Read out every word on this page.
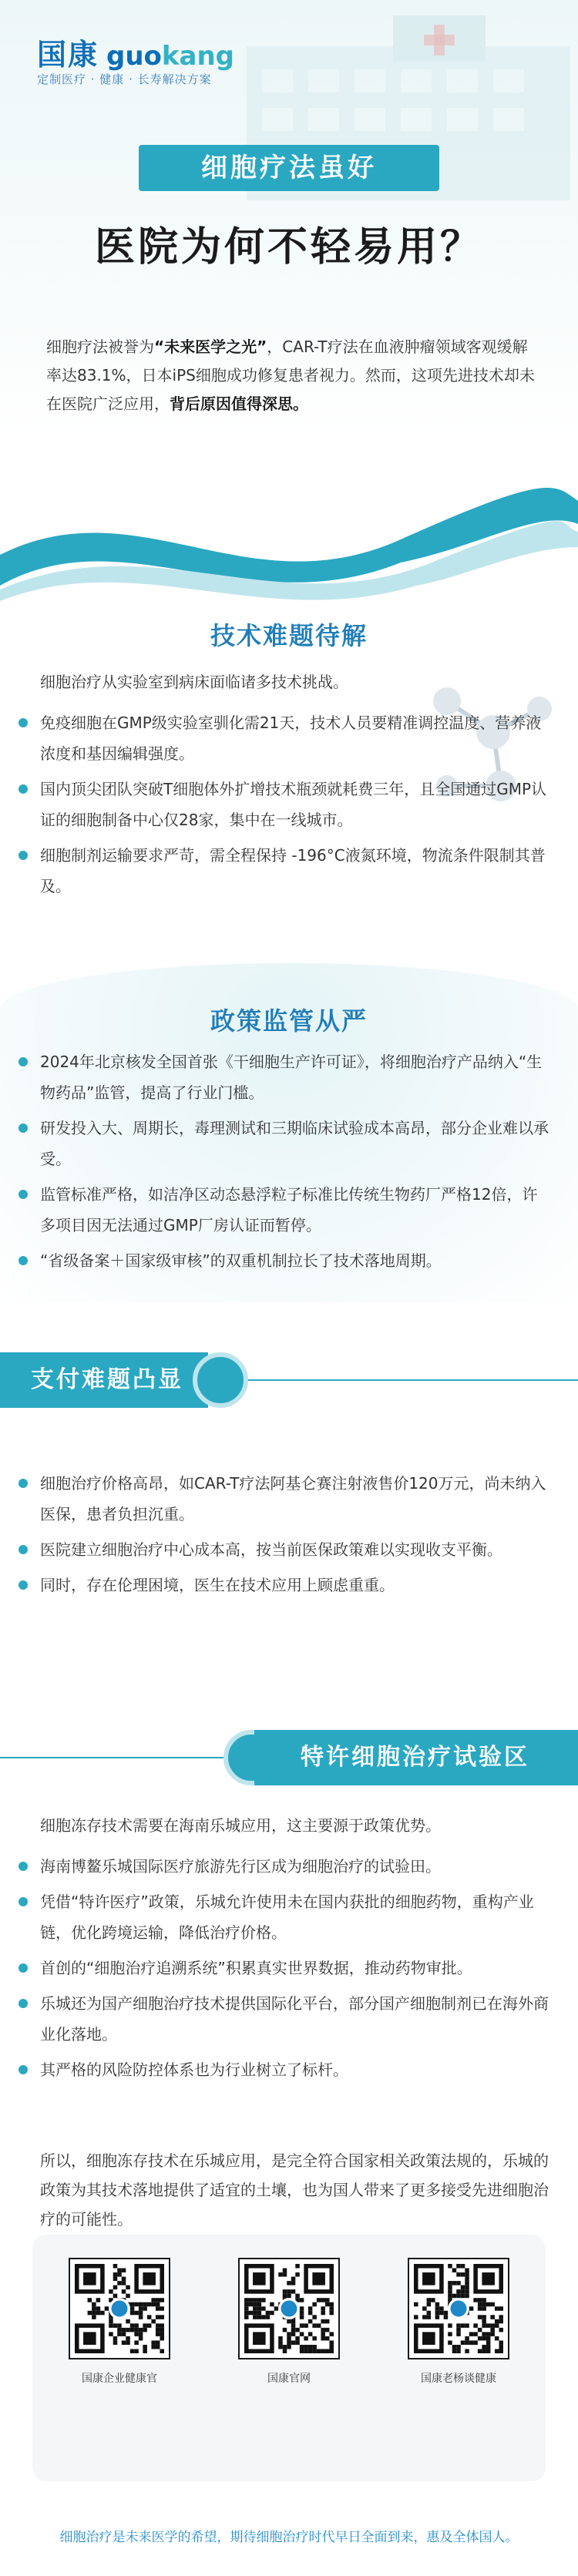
国康 guokang
定制医疗 · 健康 · 长寿解决方案
细胞疗法虽好
医院为何不轻易用？

细胞疗法被誉为“未来医学之光”，CAR-T疗法在血液肿瘤领域客观缓解率达83.1%，日本iPS细胞成功修复患者视力。然而，这项先进技术却未在医院广泛应用，背后原因值得深思。

技术难题待解
细胞治疗从实验室到病床面临诸多技术挑战。
免疫细胞在GMP级实验室驯化需21天，技术人员要精准调控温度、营养液浓度和基因编辑强度。
国内顶尖团队突破T细胞体外扩增技术瓶颈就耗费三年，且全国通过GMP认证的细胞制备中心仅28家，集中在一线城市。
细胞制剂运输要求严苛，需全程保持 -196°C液氮环境，物流条件限制其普及。
政策监管从严
2024年北京核发全国首张《干细胞生产许可证》，将细胞治疗产品纳入“生物药品”监管，提高了行业门槛。
研发投入大、周期长，毒理测试和三期临床试验成本高昂，部分企业难以承受。
监管标准严格，如洁净区动态悬浮粒子标准比传统生物药厂严格12倍，许多项目因无法通过GMP厂房认证而暂停。
“省级备案＋国家级审核”的双重机制拉长了技术落地周期。
支付难题凸显
细胞治疗价格高昂，如CAR-T疗法阿基仑赛注射液售价120万元，尚未纳入医保，患者负担沉重。
医院建立细胞治疗中心成本高，按当前医保政策难以实现收支平衡。
同时，存在伦理困境，医生在技术应用上顾虑重重。
特许细胞治疗试验区
细胞冻存技术需要在海南乐城应用，这主要源于政策优势。
海南博鳌乐城国际医疗旅游先行区成为细胞治疗的试验田。
凭借“特许医疗”政策，乐城允许使用未在国内获批的细胞药物，重构产业链，优化跨境运输，降低治疗价格。
首创的“细胞治疗追溯系统”积累真实世界数据，推动药物审批。
乐城还为国产细胞治疗技术提供国际化平台，部分国产细胞制剂已在海外商业化落地。
其严格的风险防控体系也为行业树立了标杆。
所以，细胞冻存技术在乐城应用，是完全符合国家相关政策法规的，乐城的政策为其技术落地提供了适宜的土壤，也为国人带来了更多接受先进细胞治疗的可能性。
国康企业健康官	国康官网	国康老杨谈健康
细胞治疗是未来医学的希望，期待细胞治疗时代早日全面到来，惠及全体国人。
